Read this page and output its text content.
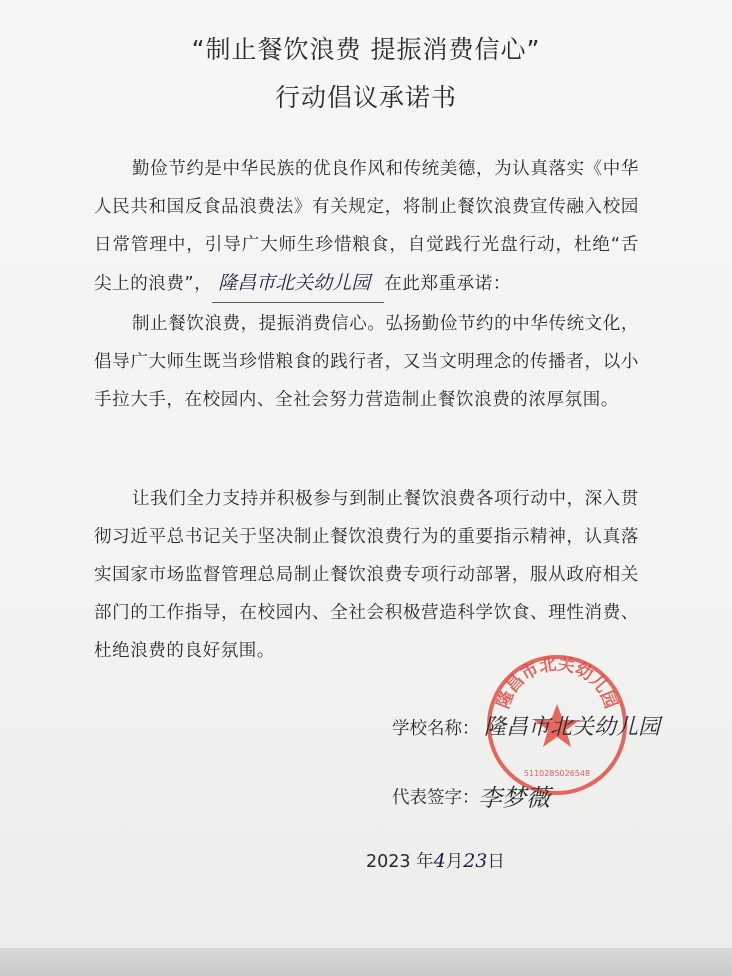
“制止餐饮浪费 提振消费信心”
行动倡议承诺书

勤俭节约是中华民族的优良作风和传统美德，为认真落实《中华人民共和国反食品浪费法》有关规定，将制止餐饮浪费宣传融入校园日常管理中，引导广大师生珍惜粮食，自觉践行光盘行动，杜绝“舌尖上的浪费”， 隆昌市北关幼儿园 在此郑重承诺：

制止餐饮浪费，提振消费信心。弘扬勤俭节约的中华传统文化，倡导广大师生既当珍惜粮食的践行者，又当文明理念的传播者，以小手拉大手，在校园内、全社会努力营造制止餐饮浪费的浓厚氛围。

让我们全力支持并积极参与到制止餐饮浪费各项行动中，深入贯彻习近平总书记关于坚决制止餐饮浪费行为的重要指示精神，认真落实国家市场监督管理总局制止餐饮浪费专项行动部署，服从政府相关部门的工作指导，在校园内、全社会积极营造科学饮食、理性消费、杜绝浪费的良好氛围。

隆昌市北关幼儿园
5110285026548
学校名称： 隆昌市北关幼儿园
代表签字：
李梦薇
2023 年4月23日
